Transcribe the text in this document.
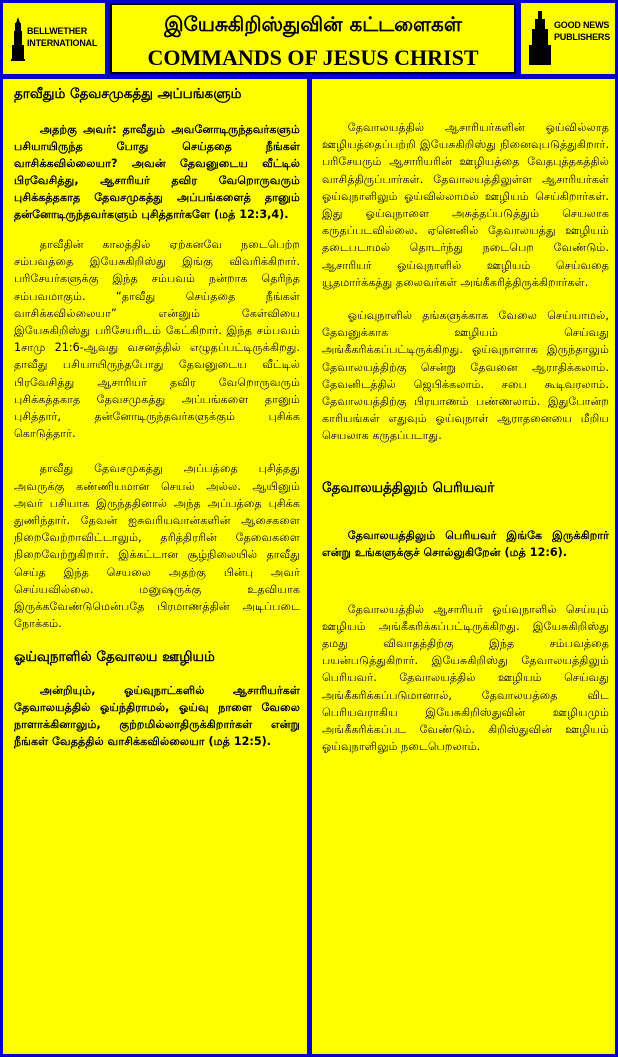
BELLWETHER
INTERNATIONAL
இயேசுகிறிஸ்துவின் கட்டளைகள்
COMMANDS OF JESUS CHRIST
GOOD NEWS
PUBLISHERS
தாவீதும் தேவசமுகத்து அப்பங்களும்

அதற்கு அவர்: தாவீதும் அவனோடிருந்தவர்களும் பசியாயிருந்த போது செய்ததை நீங்கள் வாசிக்கவில்லையா? அவன் தேவனுடைய வீட்டில் பிரவேசித்து, ஆசாரியர் தவிர வேறொருவரும் புசிக்கத்தகாத தேவசமுகத்து அப்பங்களைத் தானும் தன்னோடிருந்தவர்களும் புசித்தார்களே (மத் 12:3,4).

தாவீதின் காலத்தில் ஏற்கனவே நடைபெற்ற சம்பவத்தை இயேசுகிறிஸ்து இங்கு விவரிக்கிறார். பரிசேயர்களுக்கு இந்த சம்பவம் நன்றாக தெரிந்த சம்பவமாகும். “தாவீது செய்ததை நீங்கள் வாசிக்கவில்லையா” என்னும் கேள்வியை இயேசுகிறிஸ்து பரிசேயரிடம் கேட்கிறார். இந்த சம்பவம் 1சாமு 21:6-ஆவது வசனத்தில் எழுதப்பட்டிருக்கிறது. தாவீது பசியாயிருந்தபோது தேவனுடைய வீட்டில் பிரவேசித்து ஆசாரியர் தவிர வேறொருவரும் புசிக்கத்தகாத தேவசமுகத்து அப்பங்களை தானும் புசித்தார், தன்னோடிருந்தவர்களுக்கும் புசிக்க கொடுத்தார்.

தாவீது தேவசமுகத்து அப்பத்தை புசித்தது அவருக்கு கண்ணியமான செயல் அல்ல. ஆயினும் அவர் பசியாக இருந்ததினால் அந்த அப்பத்தை புசிக்க துணிந்தார். தேவன் ஐசுவரியவான்களின் ஆசைகளை நிறைவேற்றாவிட்டாலும், தரித்திரரின் தேவைகளை நிறைவேற்றுகிறார். இக்கட்டான சூழ்நிலையில் தாவீது செய்த இந்த செயலை அதற்கு பின்பு அவர் செய்யவில்லை. மனுஷருக்கு உதவியாக இருக்கவேண்டுமென்பதே பிரமாணத்தின் அடிப்படை நோக்கம்.

ஓய்வுநாளில் தேவாலய ஊழியம்

அன்றியும், ஓய்வுநாட்களில் ஆசாரியர்கள் தேவாலயத்தில் ஓய்ந்திராமல், ஓய்வு நாளை வேலை நாளாக்கினாலும், குற்றமில்லாதிருக்கிறார்கள் என்று நீங்கள் வேதத்தில் வாசிக்கவில்லையா (மத் 12:5).

தேவாலயத்தில் ஆசாரியர்களின் ஓய்வில்லாத ஊழியத்தைப்பற்றி இயேசுகிறிஸ்து நினைவுபடுத்துகிறார். பரிசேயரும் ஆசாரியரின் ஊழியத்தை வேதபுத்தகத்தில் வாசித்திருப்பார்கள். தேவாலயத்திலுள்ள ஆசாரியர்கள் ஓய்வுநாளிலும் ஓய்வில்லாமல் ஊழியம் செய்கிறார்கள். இது ஓய்வுநாளை அசுத்தப்படுத்தும் செயலாக கருதப்படவில்லை. ஏனெனில் தேவாலயத்து ஊழியம் தடைபடாமல் தொடர்ந்து நடைபெற வேண்டும். ஆசாரியர் ஓய்வுநாளில் ஊழியம் செய்வதை யூதமார்க்கத்து தலைவர்கள் அங்கீகரித்திருக்கிறார்கள்.

ஓய்வுநாளில் தங்களுக்காக வேலை செய்யாமல், தேவனுக்காக ஊழியம் செய்வது அங்கீகரிக்கப்பட்டிருக்கிறது. ஓய்வுநாளாக இருந்தாலும் தேவாலயத்திற்கு சென்று தேவனை ஆராதிக்கலாம். தேவனிடத்தில் ஜெபிக்கலாம். சபை கூடிவரலாம். தேவாலயத்திற்கு பிரயாணம் பண்ணலாம். இதுபோன்ற காரியங்கள் எதுவும் ஓய்வுநாள் ஆராதனையை மீறிய செயலாக கருதப்படாது.

தேவாலயத்திலும் பெரியவர்

தேவாலயத்திலும் பெரியவர் இங்கே இருக்கிறார் என்று உங்களுக்குச் சொல்லுகிறேன் (மத் 12:6).

தேவாலயத்தில் ஆசாரியர் ஓய்வுநாளில் செய்யும் ஊழியம் அங்கீகரிக்கப்பட்டிருக்கிறது. இயேசுகிறிஸ்து தமது விவாதத்திற்கு இந்த சம்பவத்தை பயன்படுத்துகிறார். இயேசுகிறிஸ்து தேவாலயத்திலும் பெரியவர். தேவாலயத்தில் ஊழியம் செய்வது அங்கீகரிக்கப்படுமானால், தேவாலயத்தை விட பெரியவராகிய இயேசுகிறிஸ்துவின் ஊழியமும் அங்கீகரிக்கப்பட வேண்டும். கிறிஸ்துவின் ஊழியம் ஓய்வுநாளிலும் நடைபெறலாம்.
